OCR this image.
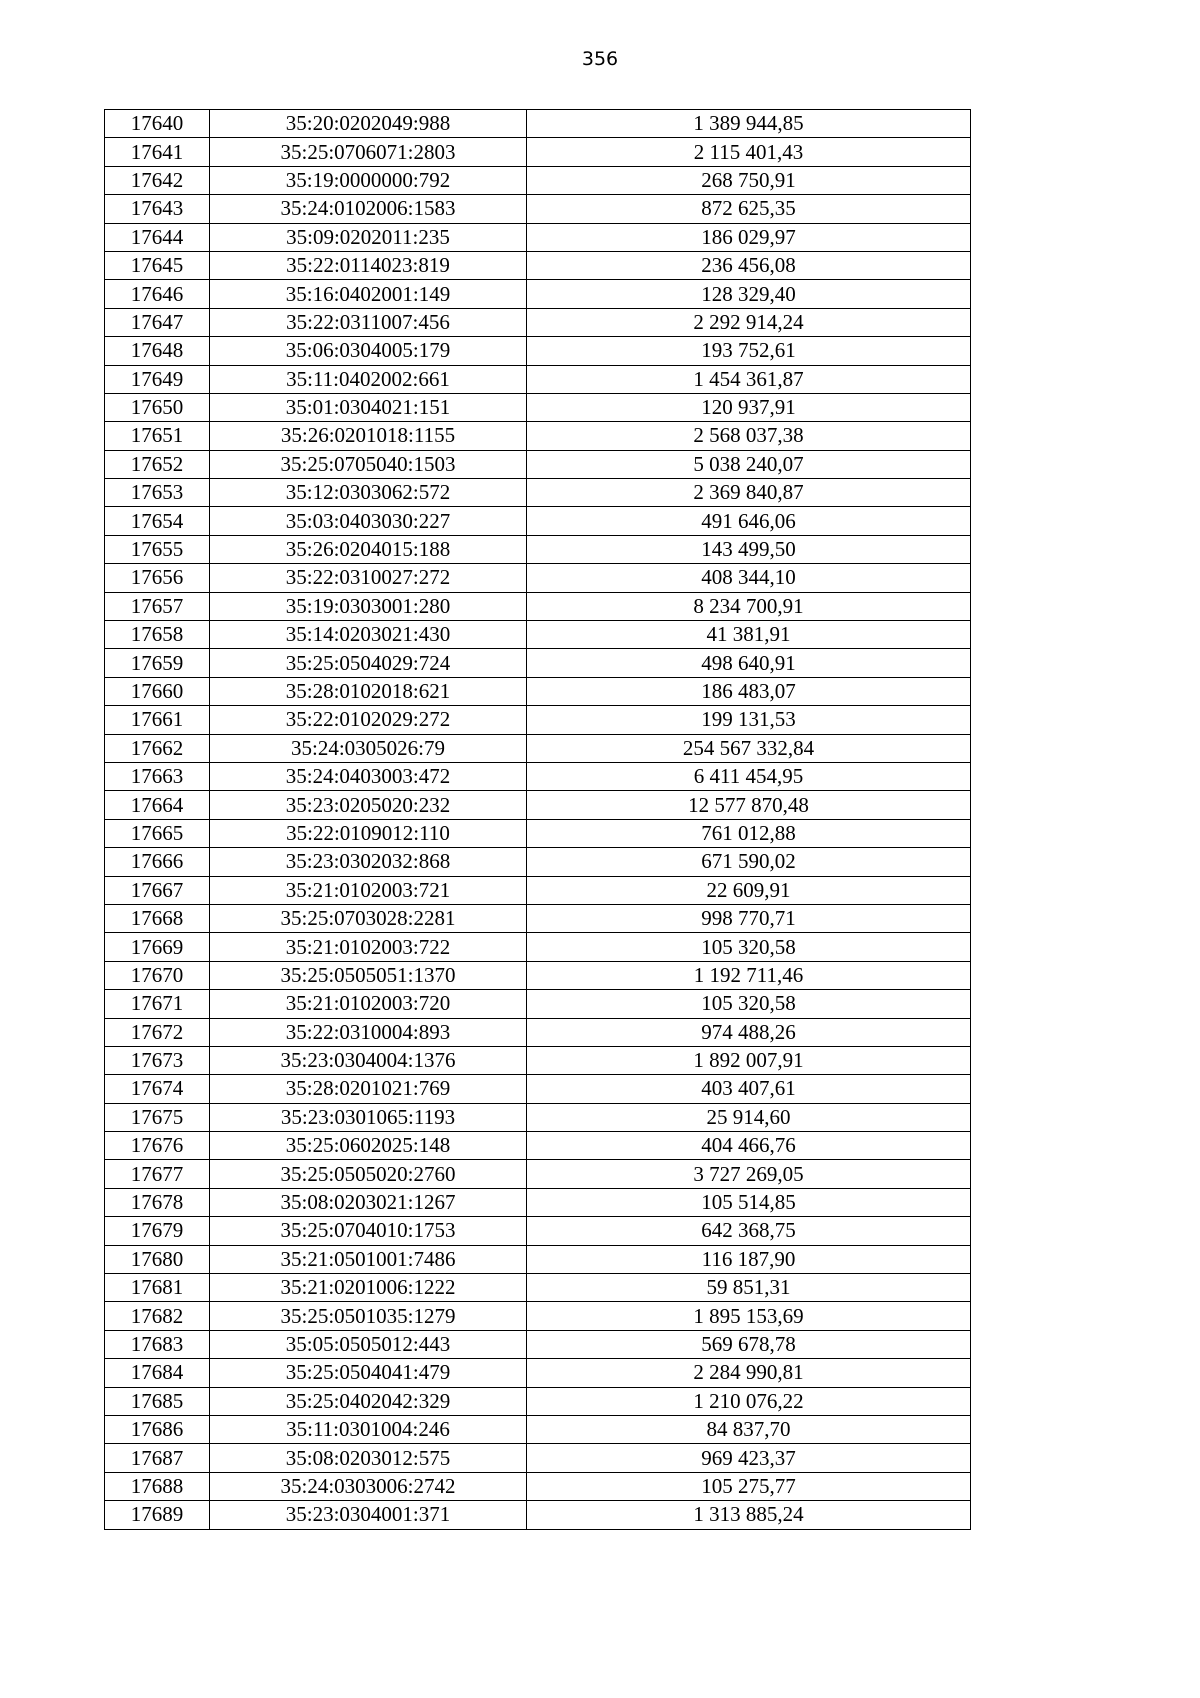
356
17640	35:20:0202049:988	1 389 944,85
17641	35:25:0706071:2803	2 115 401,43
17642	35:19:0000000:792	268 750,91
17643	35:24:0102006:1583	872 625,35
17644	35:09:0202011:235	186 029,97
17645	35:22:0114023:819	236 456,08
17646	35:16:0402001:149	128 329,40
17647	35:22:0311007:456	2 292 914,24
17648	35:06:0304005:179	193 752,61
17649	35:11:0402002:661	1 454 361,87
17650	35:01:0304021:151	120 937,91
17651	35:26:0201018:1155	2 568 037,38
17652	35:25:0705040:1503	5 038 240,07
17653	35:12:0303062:572	2 369 840,87
17654	35:03:0403030:227	491 646,06
17655	35:26:0204015:188	143 499,50
17656	35:22:0310027:272	408 344,10
17657	35:19:0303001:280	8 234 700,91
17658	35:14:0203021:430	41 381,91
17659	35:25:0504029:724	498 640,91
17660	35:28:0102018:621	186 483,07
17661	35:22:0102029:272	199 131,53
17662	35:24:0305026:79	254 567 332,84
17663	35:24:0403003:472	6 411 454,95
17664	35:23:0205020:232	12 577 870,48
17665	35:22:0109012:110	761 012,88
17666	35:23:0302032:868	671 590,02
17667	35:21:0102003:721	22 609,91
17668	35:25:0703028:2281	998 770,71
17669	35:21:0102003:722	105 320,58
17670	35:25:0505051:1370	1 192 711,46
17671	35:21:0102003:720	105 320,58
17672	35:22:0310004:893	974 488,26
17673	35:23:0304004:1376	1 892 007,91
17674	35:28:0201021:769	403 407,61
17675	35:23:0301065:1193	25 914,60
17676	35:25:0602025:148	404 466,76
17677	35:25:0505020:2760	3 727 269,05
17678	35:08:0203021:1267	105 514,85
17679	35:25:0704010:1753	642 368,75
17680	35:21:0501001:7486	116 187,90
17681	35:21:0201006:1222	59 851,31
17682	35:25:0501035:1279	1 895 153,69
17683	35:05:0505012:443	569 678,78
17684	35:25:0504041:479	2 284 990,81
17685	35:25:0402042:329	1 210 076,22
17686	35:11:0301004:246	84 837,70
17687	35:08:0203012:575	969 423,37
17688	35:24:0303006:2742	105 275,77
17689	35:23:0304001:371	1 313 885,24
